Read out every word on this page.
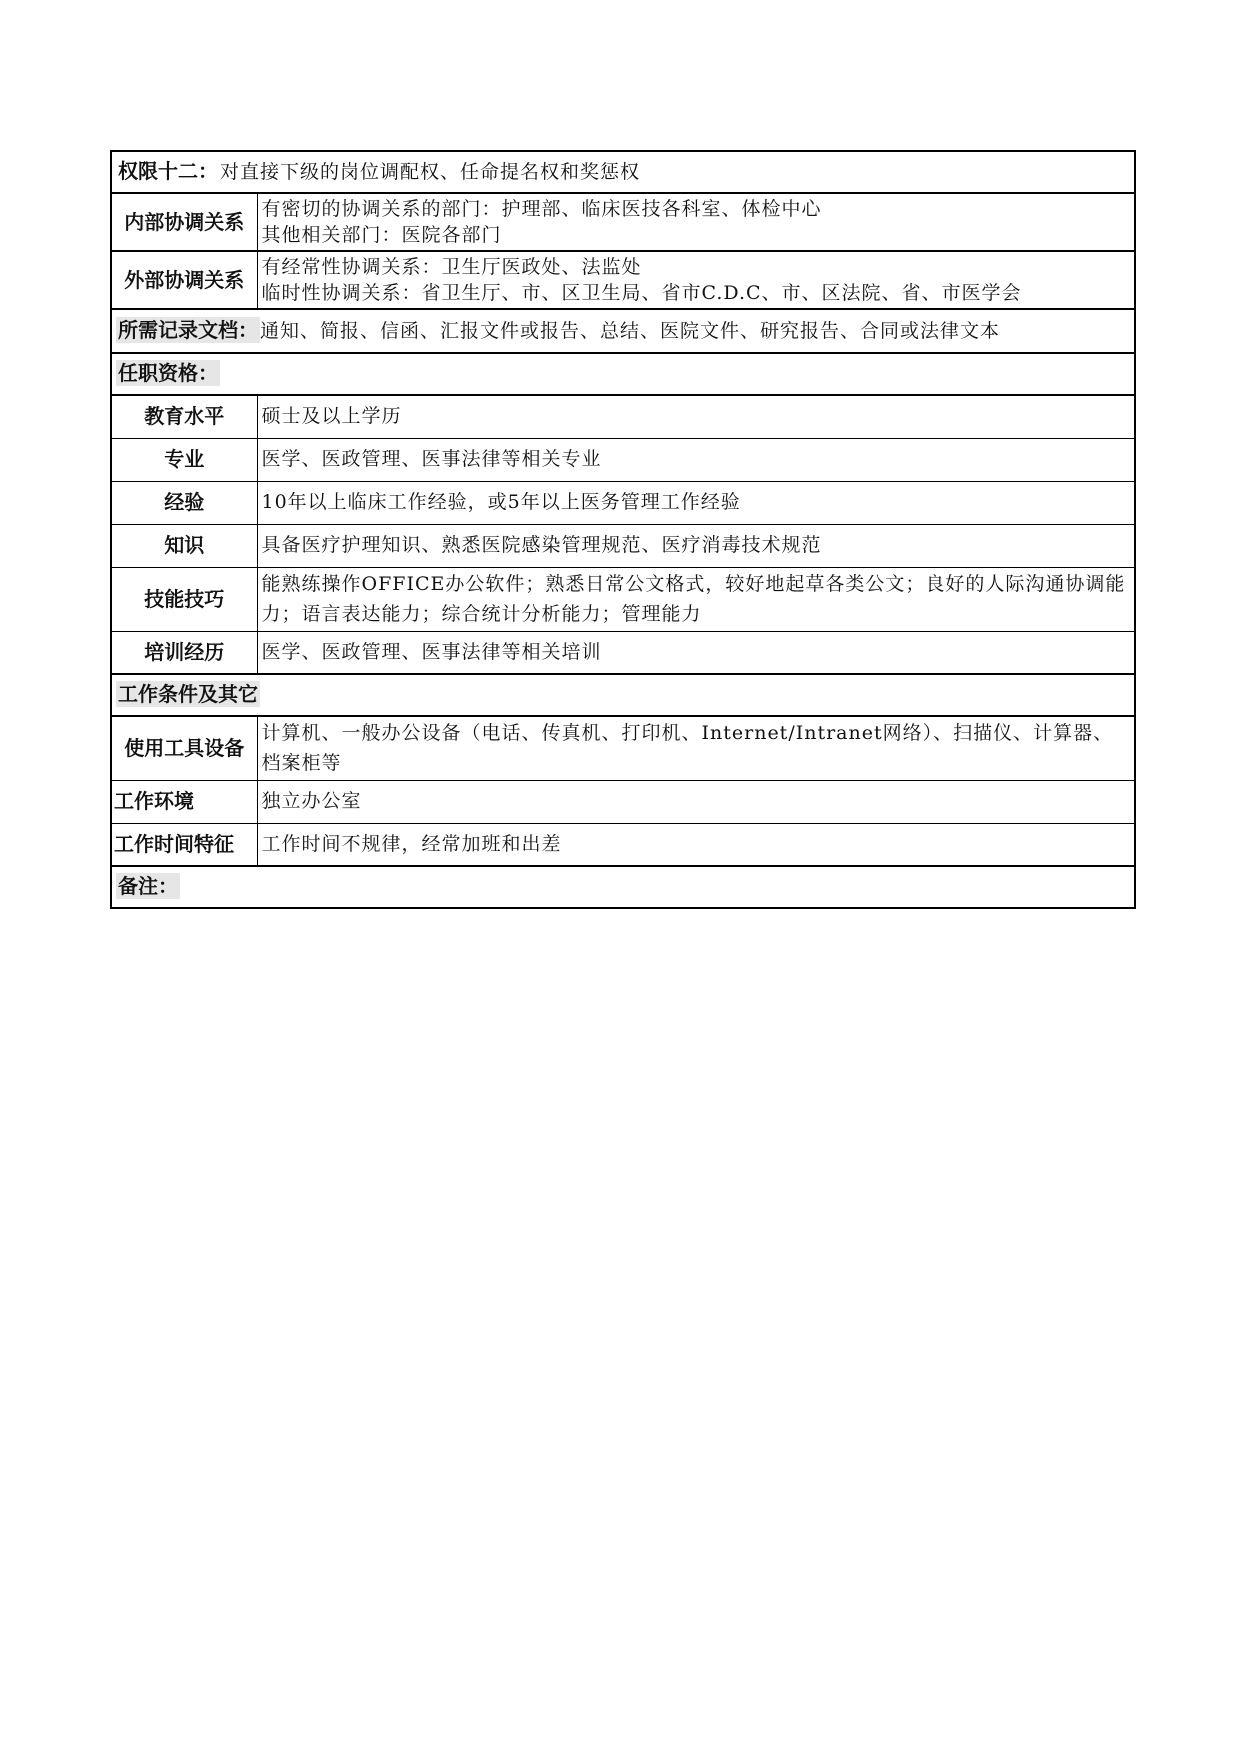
权限十二： 对直接下级的岗位调配权、任命提名权和奖惩权	
内部协调关系	有密切的协调关系的部门：护理部、临床医技各科室、体检中心
其他相关部门：医院各部门

外部协调关系	有经常性协调关系：卫生厅医政处、法监处
临时性协调关系：省卫生厅、市、区卫生局、省市C.D.C、市、区法院、省、市医学会

所需记录文档： 通知、简报、信函、汇报文件或报告、总结、医院文件、研究报告、合同或法律文本	
任职资格：	
教育水平	硕士及以上学历
专业	医学、医政管理、医事法律等相关专业
经验	10年以上临床工作经验，或5年以上医务管理工作经验
知识	具备医疗护理知识、熟悉医院感染管理规范、医疗消毒技术规范
技能技巧	能熟练操作OFFICE办公软件；熟悉日常公文格式，较好地起草各类公文；良好的人际沟通协调能力；语言表达能力；综合统计分析能力；管理能力
培训经历	医学、医政管理、医事法律等相关培训
工作条件及其它	
使用工具设备	计算机、一般办公设备（电话、传真机、打印机、Internet/Intranet网络）、扫描仪、计算器、档案柜等
工作环境	独立办公室
工作时间特征	工作时间不规律，经常加班和出差
备注：	
